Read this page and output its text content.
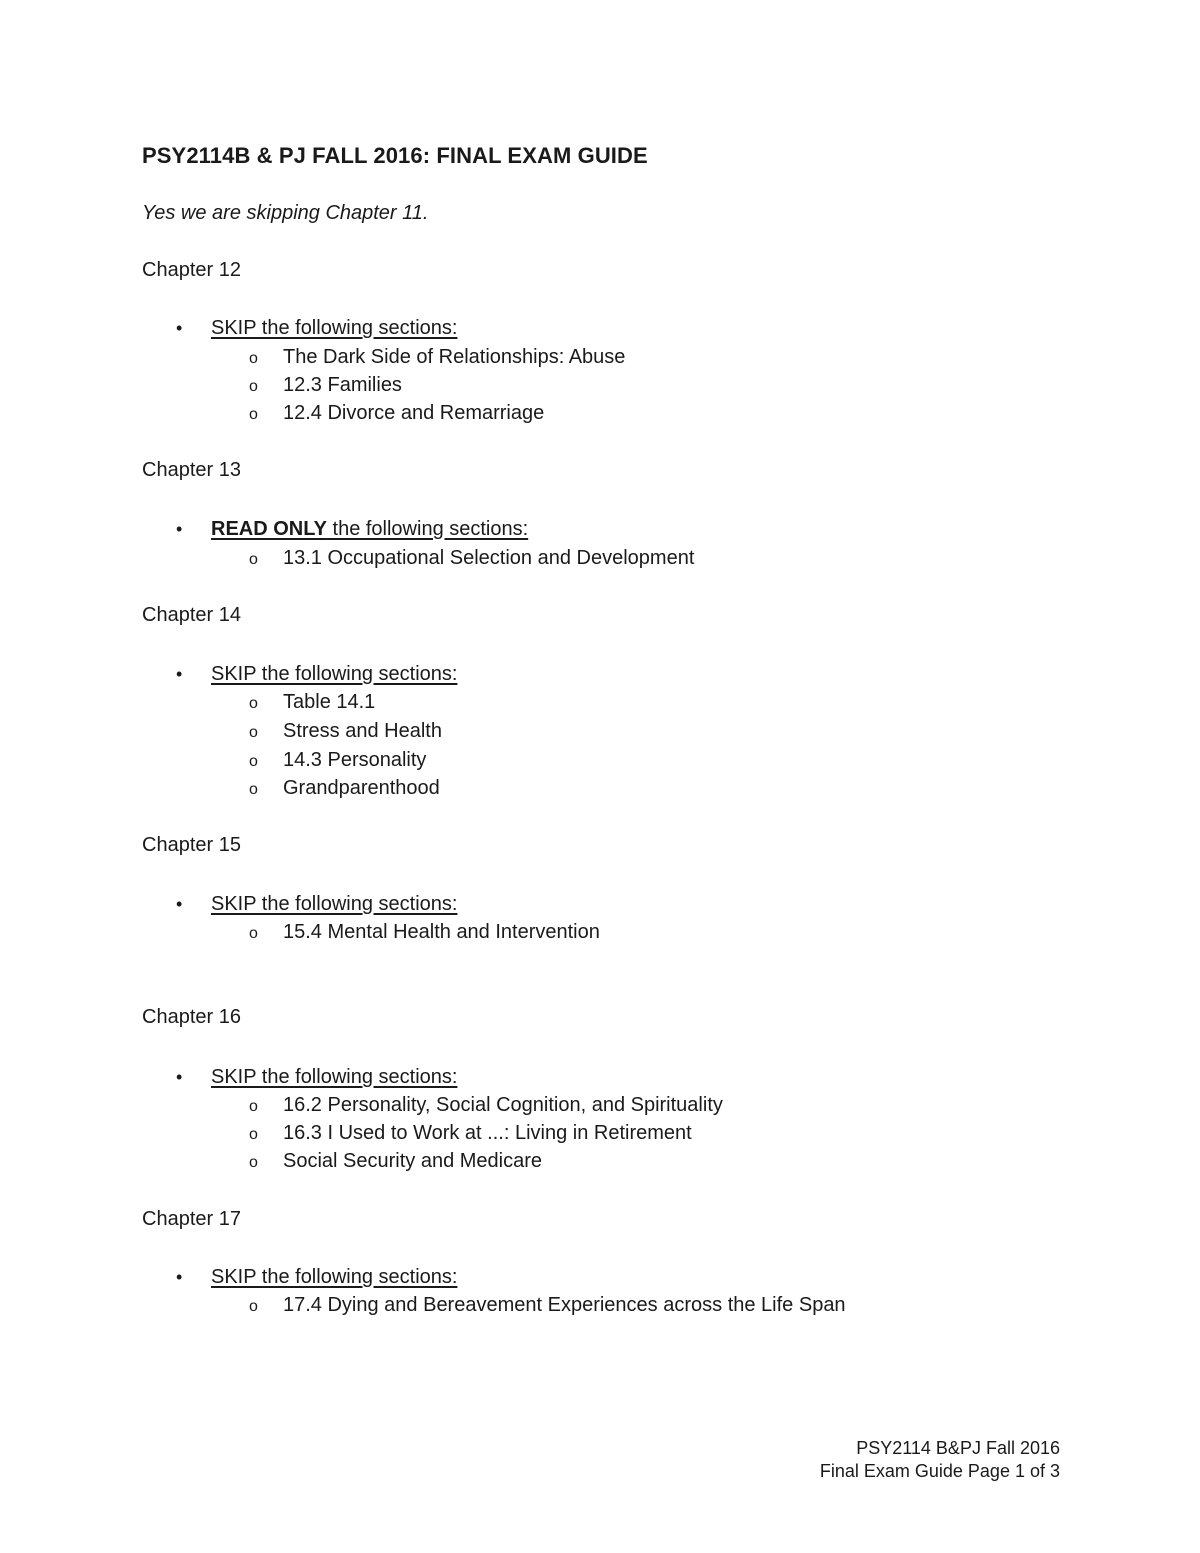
PSY2114B & PJ FALL 2016: FINAL EXAM GUIDE
Yes we are skipping Chapter 11.
Chapter 12
• SKIP the following sections:
o The Dark Side of Relationships: Abuse
o 12.3 Families
o 12.4 Divorce and Remarriage
Chapter 13
• READ ONLY the following sections:
o 13.1 Occupational Selection and Development
Chapter 14
• SKIP the following sections:
o Table 14.1
o Stress and Health
o 14.3 Personality
o Grandparenthood
Chapter 15
• SKIP the following sections:
o 15.4 Mental Health and Intervention
Chapter 16
• SKIP the following sections:
o 16.2 Personality, Social Cognition, and Spirituality
o 16.3 I Used to Work at ...: Living in Retirement
o Social Security and Medicare
Chapter 17
• SKIP the following sections:
o 17.4 Dying and Bereavement Experiences across the Life Span
PSY2114 B&PJ Fall 2016
Final Exam Guide Page 1 of 3
